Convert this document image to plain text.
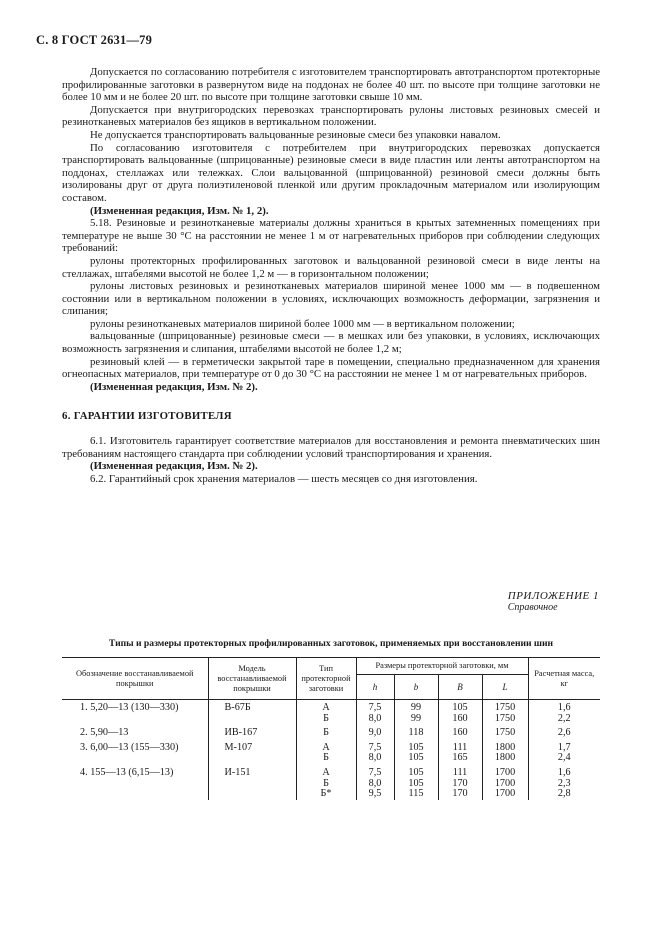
С. 8 ГОСТ 2631—79

Допускается по согласованию потребителя с изготовителем транспортировать автотранспортом протекторные профилированные заготовки в развернутом виде на поддонах не более 40 шт. по высоте при толщине заготовки не более 10 мм и не более 20 шт. по высоте при толщине заготовки свыше 10 мм.

Допускается при внутригородских перевозках транспортировать рулоны листовых резиновых смесей и резинотканевых материалов без ящиков в вертикальном положении.

Не допускается транспортировать вальцованные резиновые смеси без упаковки навалом.

По согласованию изготовителя с потребителем при внутригородских перевозках допускается транспортировать вальцованные (шприцованные) резиновые смеси в виде пластин или ленты автотранспортом на поддонах, стеллажах или тележках. Слои вальцованной (шприцованной) резиновой смеси должны быть изолированы друг от друга полиэтиленовой пленкой или другим прокладочным материалом или изолирующим составом.

(Измененная редакция, Изм. № 1, 2).

5.18. Резиновые и резинотканевые материалы должны храниться в крытых затемненных помещениях при температуре не выше 30 °С на расстоянии не менее 1 м от нагревательных приборов при соблюдении следующих требований:

рулоны протекторных профилированных заготовок и вальцованной резиновой смеси в виде ленты на стеллажах, штабелями высотой не более 1,2 м — в горизонтальном положении;

рулоны листовых резиновых и резинотканевых материалов шириной менее 1000 мм — в подвешенном состоянии или в вертикальном положении в условиях, исключающих возможность деформации, загрязнения и слипания;

рулоны резинотканевых материалов шириной более 1000 мм — в вертикальном положении;

вальцованные (шприцованные) резиновые смеси — в мешках или без упаковки, в условиях, исключающих возможность загрязнения и слипания, штабелями высотой не более 1,2 м;

резиновый клей — в герметически закрытой таре в помещении, специально предназначенном для хранения огнеопасных материалов, при температуре от 0 до 30 °С на расстоянии не менее 1 м от нагревательных приборов.

(Измененная редакция, Изм. № 2).

6. ГАРАНТИИ ИЗГОТОВИТЕЛЯ

6.1. Изготовитель гарантирует соответствие материалов для восстановления и ремонта пневматических шин требованиям настоящего стандарта при соблюдении условий транспортирования и хранения.

(Измененная редакция, Изм. № 2).

6.2. Гарантийный срок хранения материалов — шесть месяцев со дня изготовления.

ПРИЛОЖЕНИЕ 1
Справочное
Типы и размеры протекторных профилированных заготовок, применяемых при восстановлении шин
Обозначение восстанавливаемой покрышки	Модель восстанавливаемой покрышки	Тип протекторной заготовки	Размеры протекторной заготовки, мм				Расчетная масса, кг
			h	b	B	L	
1. 5,20—13 (130—330)	В-67Б	А	7,5	99	105	1750	1,6
		Б	8,0	99	160	1750	2,2
2. 5,90—13	ИВ-167	Б	9,0	118	160	1750	2,6
3. 6,00—13 (155—330)	М-107	А	7,5	105	111	1800	1,7
		Б	8,0	105	165	1800	2,4
4. 155—13 (6,15—13)	И-151	А	7,5	105	111	1700	1,6
		Б	8,0	105	170	1700	2,3
		Б*	9,5	115	170	1700	2,8
